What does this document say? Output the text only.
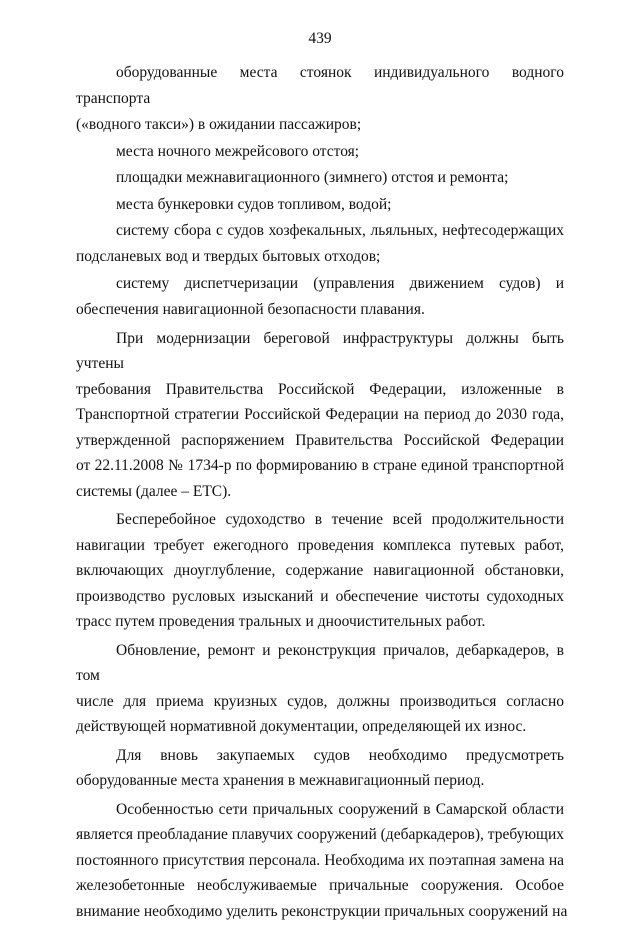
439
оборудованные места стоянок индивидуального водного транспорта
(«водного такси») в ожидании пассажиров;
места ночного межрейсового отстоя;
площадки межнавигационного (зимнего) отстоя и ремонта;
места бункеровки судов топливом, водой;
систему сбора с судов хозфекальных, льяльных, нефтесодержащих
подсланевых вод и твердых бытовых отходов;
систему диспетчеризации (управления движением судов) и
обеспечения навигационной безопасности плавания.
При модернизации береговой инфраструктуры должны быть учтены
требования Правительства Российской Федерации, изложенные в
Транспортной стратегии Российской Федерации на период до 2030 года,
утвержденной распоряжением Правительства Российской Федерации
от 22.11.2008 № 1734-р по формированию в стране единой транспортной
системы (далее – ЕТС).
Бесперебойное судоходство в течение всей продолжительности
навигации требует ежегодного проведения комплекса путевых работ,
включающих дноуглубление, содержание навигационной обстановки,
производство русловых изысканий и обеспечение чистоты судоходных
трасс путем проведения тральных и дноочистительных работ.
Обновление, ремонт и реконструкция причалов, дебаркадеров, в том
числе для приема круизных судов, должны производиться согласно
действующей нормативной документации, определяющей их износ.
Для вновь закупаемых судов необходимо предусмотреть
оборудованные места хранения в межнавигационный период.
Особенностью сети причальных сооружений в Самарской области
является преобладание плавучих сооружений (дебаркадеров), требующих
постоянного присутствия персонала. Необходима их поэтапная замена на
железобетонные необслуживаемые причальные сооружения. Особое
внимание необходимо уделить реконструкции причальных сооружений на
